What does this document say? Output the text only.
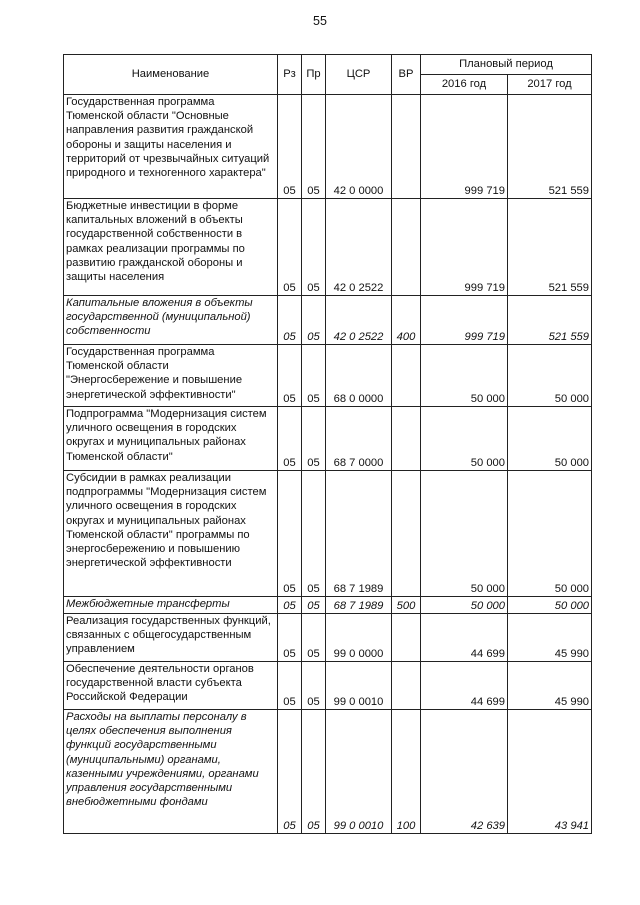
55
Наименование	Рз	Пр	ЦСР	ВР	Плановый период	
					2016 год	2017 год
Государственная программа Тюменской области "Основные направления развития гражданской обороны и защиты населения и территорий от чрезвычайных ситуаций природного и техногенного характера"	05	05	42 0 0000		999 719	521 559
Бюджетные инвестиции в форме капитальных вложений в объекты государственной собственности в рамках реализации программы по развитию гражданской обороны и защиты населения	05	05	42 0 2522		999 719	521 559
Капитальные вложения в объекты государственной (муниципальной) собственности	05	05	42 0 2522	400	999 719	521 559
Государственная программа Тюменской области "Энергосбережение и повышение энергетической эффективности"	05	05	68 0 0000		50 000	50 000
Подпрограмма "Модернизация систем уличного освещения в городских округах и муниципальных районах Тюменской области"	05	05	68 7 0000		50 000	50 000
Субсидии в рамках реализации подпрограммы "Модернизация систем уличного освещения в городских округах и муниципальных районах Тюменской области" программы по энергосбережению и повышению энергетической эффективности	05	05	68 7 1989		50 000	50 000
Межбюджетные трансферты	05	05	68 7 1989	500	50 000	50 000
Реализация государственных функций, связанных с общегосударственным управлением	05	05	99 0 0000		44 699	45 990
Обеспечение деятельности органов государственной власти субъекта Российской Федерации	05	05	99 0 0010		44 699	45 990
Расходы на выплаты персоналу в целях обеспечения выполнения функций государственными (муниципальными) органами, казенными учреждениями, органами управления государственными внебюджетными фондами	05	05	99 0 0010	100	42 639	43 941
